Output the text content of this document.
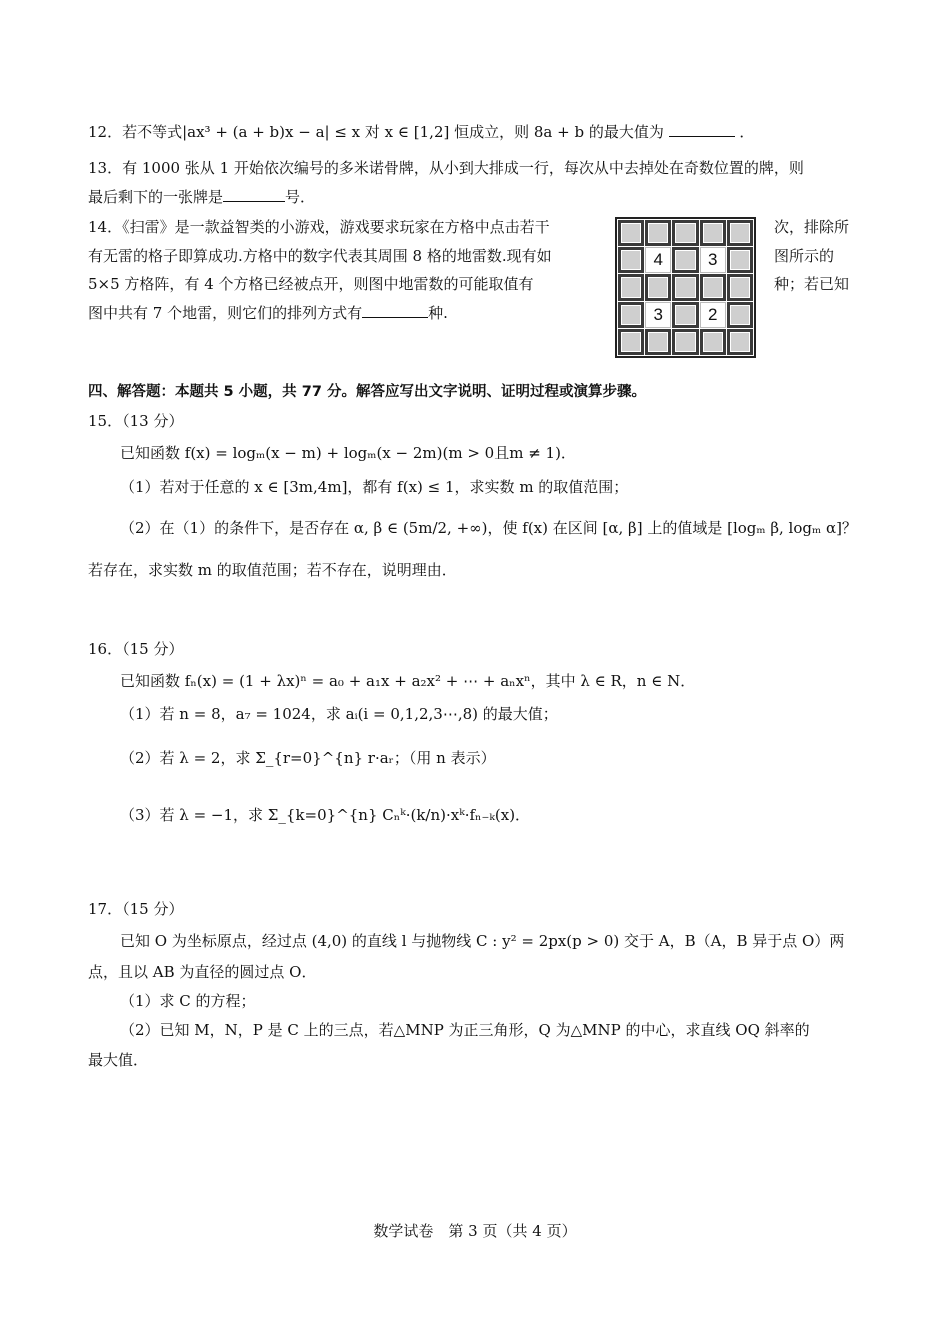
12．若不等式|ax³ + (a + b)x − a| ≤ x 对 x ∈ [1,2] 恒成立，则 8a + b 的最大值为	．
13．有 1000 张从 1 开始依次编号的多米诺骨牌，从小到大排成一行，每次从中去掉处在奇数位置的牌，则
最后剩下的一张牌是	号．
14．《扫雷》是一款益智类的小游戏，游戏要求玩家在方格中点击若干
有无雷的格子即算成功.方格中的数字代表其周围 8 格的地雷数.现有如
5×5 方格阵，有 4 个方格已经被点开，则图中地雷数的可能取值有
图中共有 7 个地雷，则它们的排列方式有	种.
次，排除所
图所示的
种；若已知
4	3
3	2
四、解答题：本题共 5 小题，共 77 分。解答应写出文字说明、证明过程或演算步骤。
15．（13 分）
已知函数 f(x) = logₘ(x − m) + logₘ(x − 2m)(m > 0且m ≠ 1)．
（1）若对于任意的 x ∈ [3m,4m]，都有 f(x) ≤ 1，求实数 m 的取值范围；
（2）在（1）的条件下，是否存在 α, β ∈ (5m/2, +∞)，使 f(x) 在区间 [α, β] 上的值域是 [logₘ β, logₘ α]？
若存在，求实数 m 的取值范围；若不存在，说明理由．
16．（15 分）
已知函数 fₙ(x) = (1 + λx)ⁿ = a₀ + a₁x + a₂x² + ⋯ + aₙxⁿ，其中 λ ∈ R，n ∈ N．
（1）若 n = 8，a₇ = 1024，求 aᵢ(i = 0,1,2,3⋯,8) 的最大值；
（2）若 λ = 2，求 Σ_{r=0}^{n} r·aᵣ；（用 n 表示）
（3）若 λ = −1，求 Σ_{k=0}^{n} Cₙᵏ·(k/n)·xᵏ·fₙ₋ₖ(x)．
17．（15 分）
已知 O 为坐标原点，经过点 (4,0) 的直线 l 与抛物线 C : y² = 2px(p > 0) 交于 A，B（A，B 异于点 O）两
点，且以 AB 为直径的圆过点 O．
（1）求 C 的方程；
（2）已知 M，N，P 是 C 上的三点，若△MNP 为正三角形，Q 为△MNP 的中心，求直线 OQ 斜率的
最大值．
数学试卷　第 3 页（共 4 页）
